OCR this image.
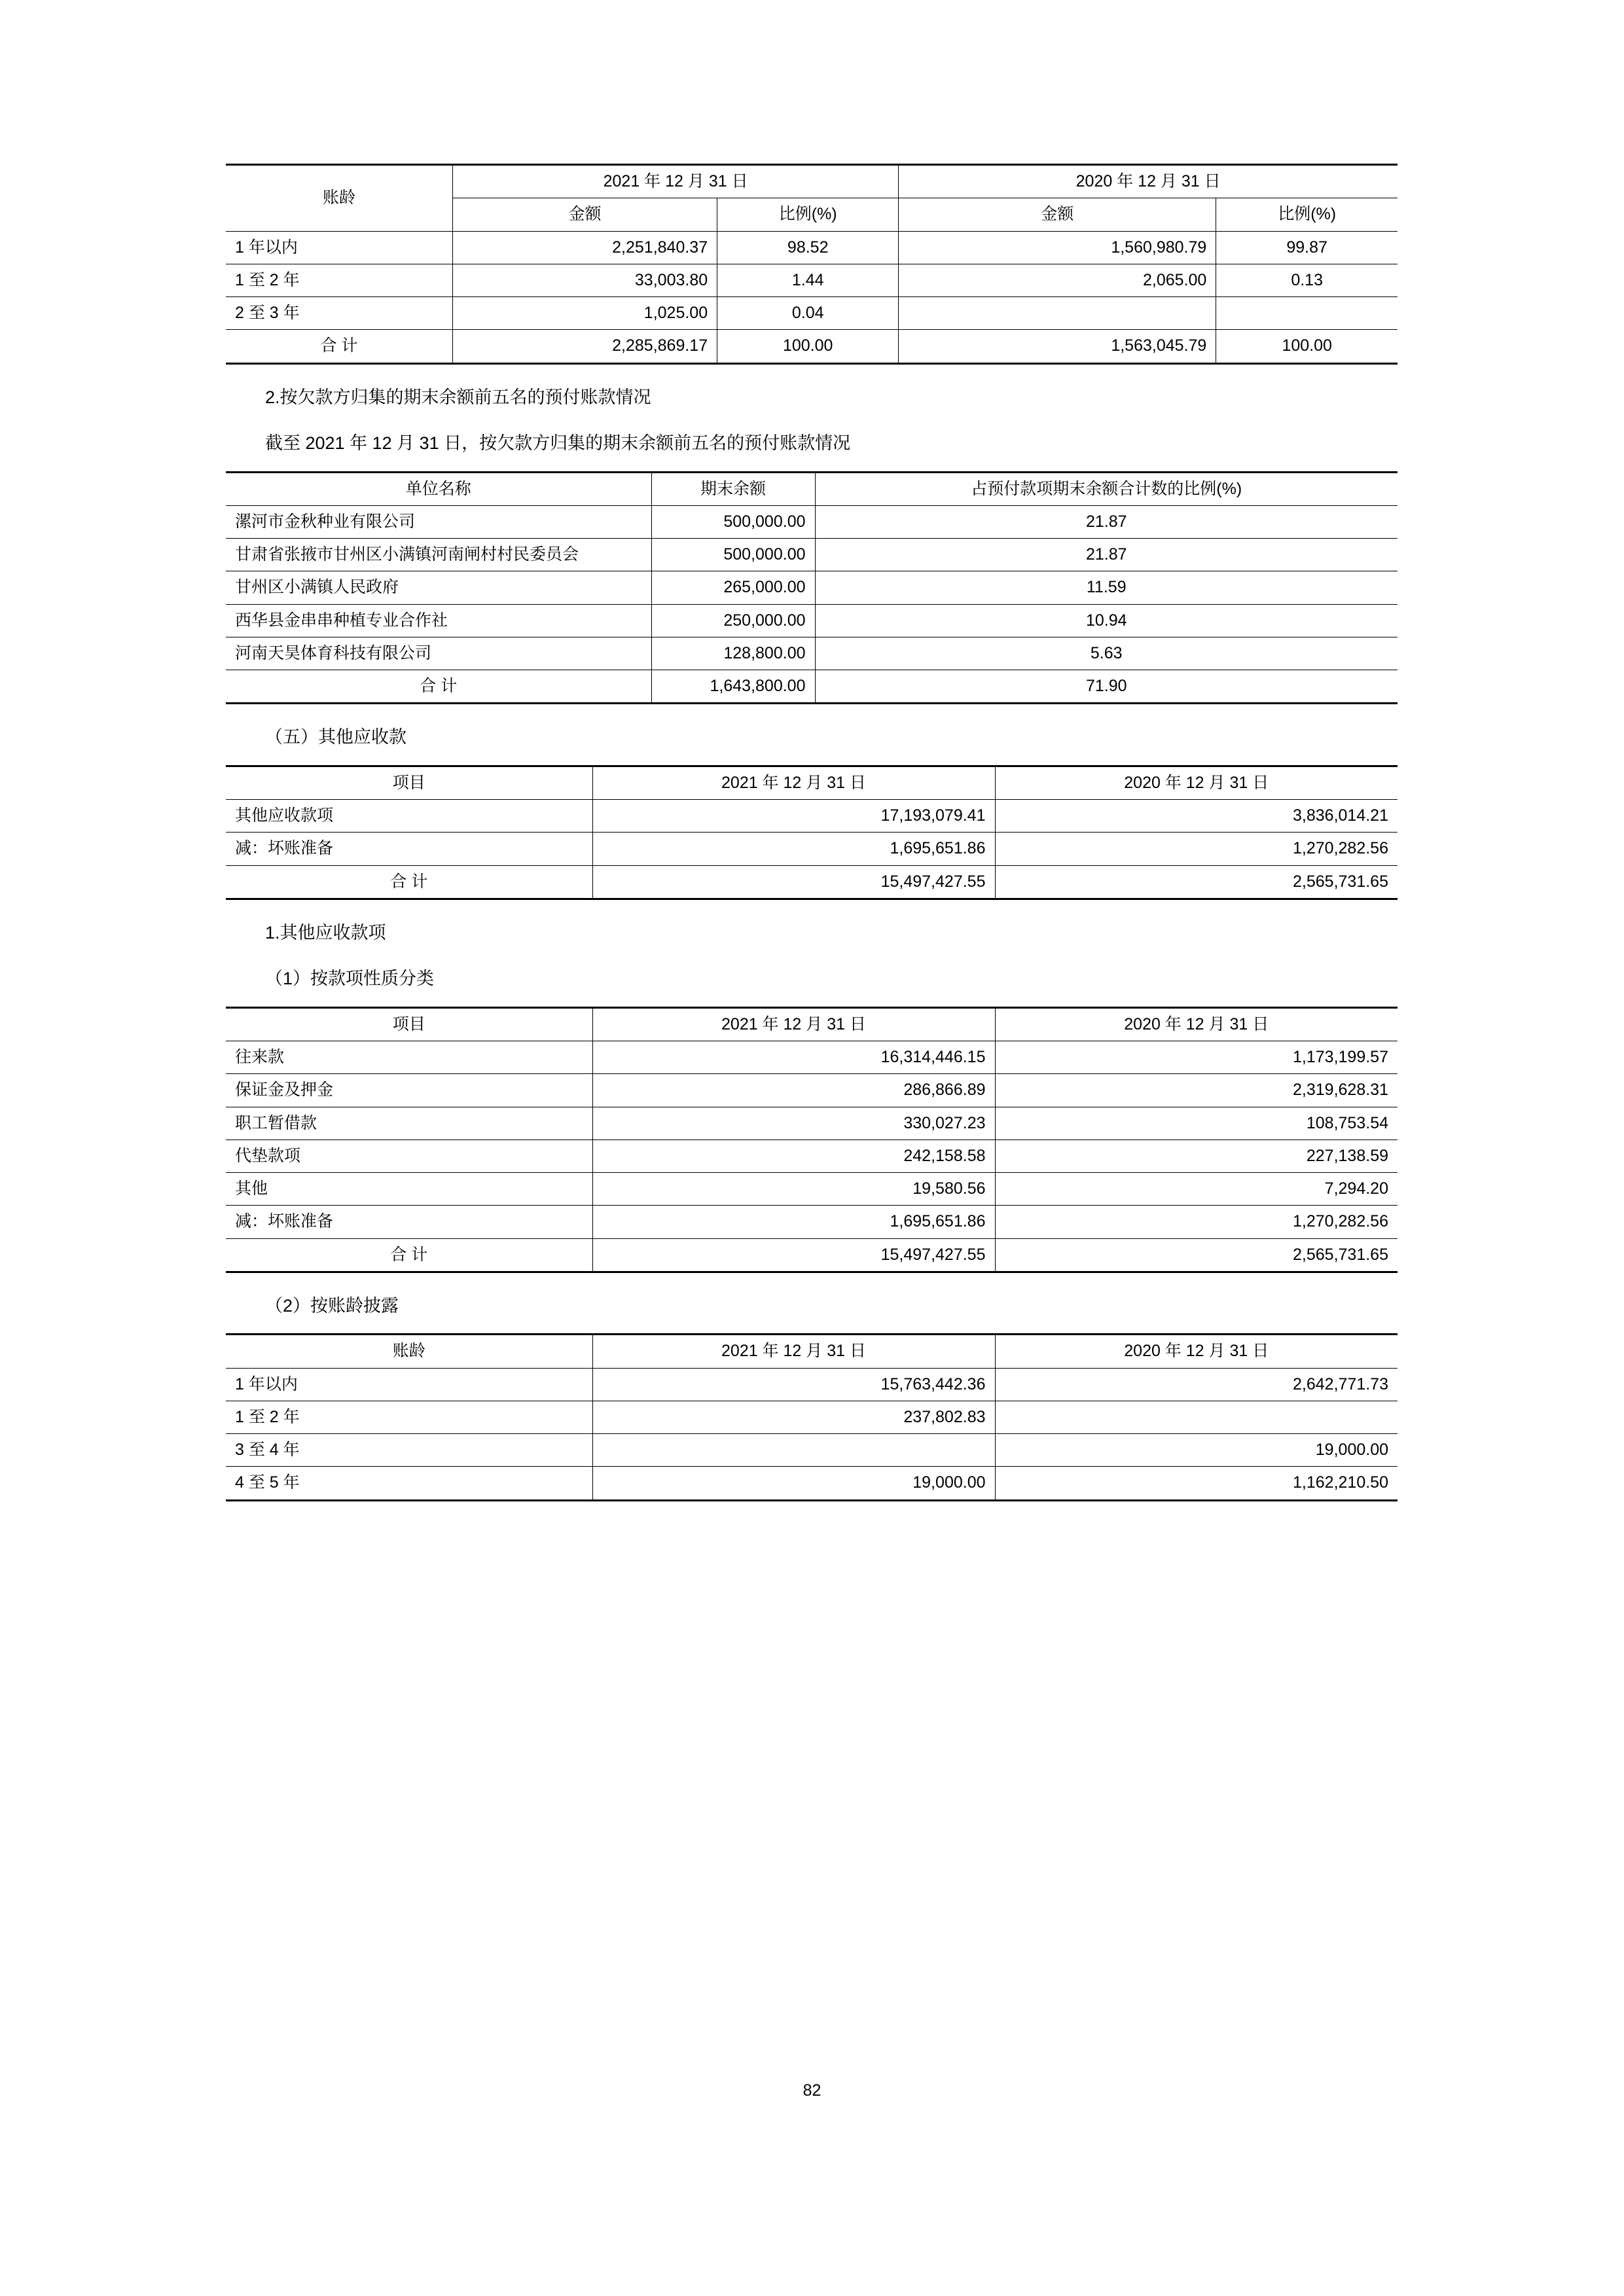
账龄	2021 年 12 月 31 日		2020 年 12 月 31 日	
	金额	比例(%)	金额	比例(%)
1 年以内	2,251,840.37	98.52	1,560,980.79	99.87
1 至 2 年	33,003.80	1.44	2,065.00	0.13
2 至 3 年	1,025.00	0.04		
合 计	2,285,869.17	100.00	1,563,045.79	100.00
2.按欠款方归集的期末余额前五名的预付账款情况
截至 2021 年 12 月 31 日，按欠款方归集的期末余额前五名的预付账款情况
单位名称	期末余额	占预付款项期末余额合计数的比例(%)
漯河市金秋种业有限公司	500,000.00	21.87
甘肃省张掖市甘州区小满镇河南闸村村民委员会	500,000.00	21.87
甘州区小满镇人民政府	265,000.00	11.59
西华县金串串种植专业合作社	250,000.00	10.94
河南天昊体育科技有限公司	128,800.00	5.63
合 计	1,643,800.00	71.90
（五）其他应收款
项目	2021 年 12 月 31 日	2020 年 12 月 31 日
其他应收款项	17,193,079.41	3,836,014.21
减：坏账准备	1,695,651.86	1,270,282.56
合 计	15,497,427.55	2,565,731.65
1.其他应收款项
（1）按款项性质分类
项目	2021 年 12 月 31 日	2020 年 12 月 31 日
往来款	16,314,446.15	1,173,199.57
保证金及押金	286,866.89	2,319,628.31
职工暂借款	330,027.23	108,753.54
代垫款项	242,158.58	227,138.59
其他	19,580.56	7,294.20
减：坏账准备	1,695,651.86	1,270,282.56
合 计	15,497,427.55	2,565,731.65
（2）按账龄披露
账龄	2021 年 12 月 31 日	2020 年 12 月 31 日
1 年以内	15,763,442.36	2,642,771.73
1 至 2 年	237,802.83	
3 至 4 年		19,000.00
4 至 5 年	19,000.00	1,162,210.50
82
